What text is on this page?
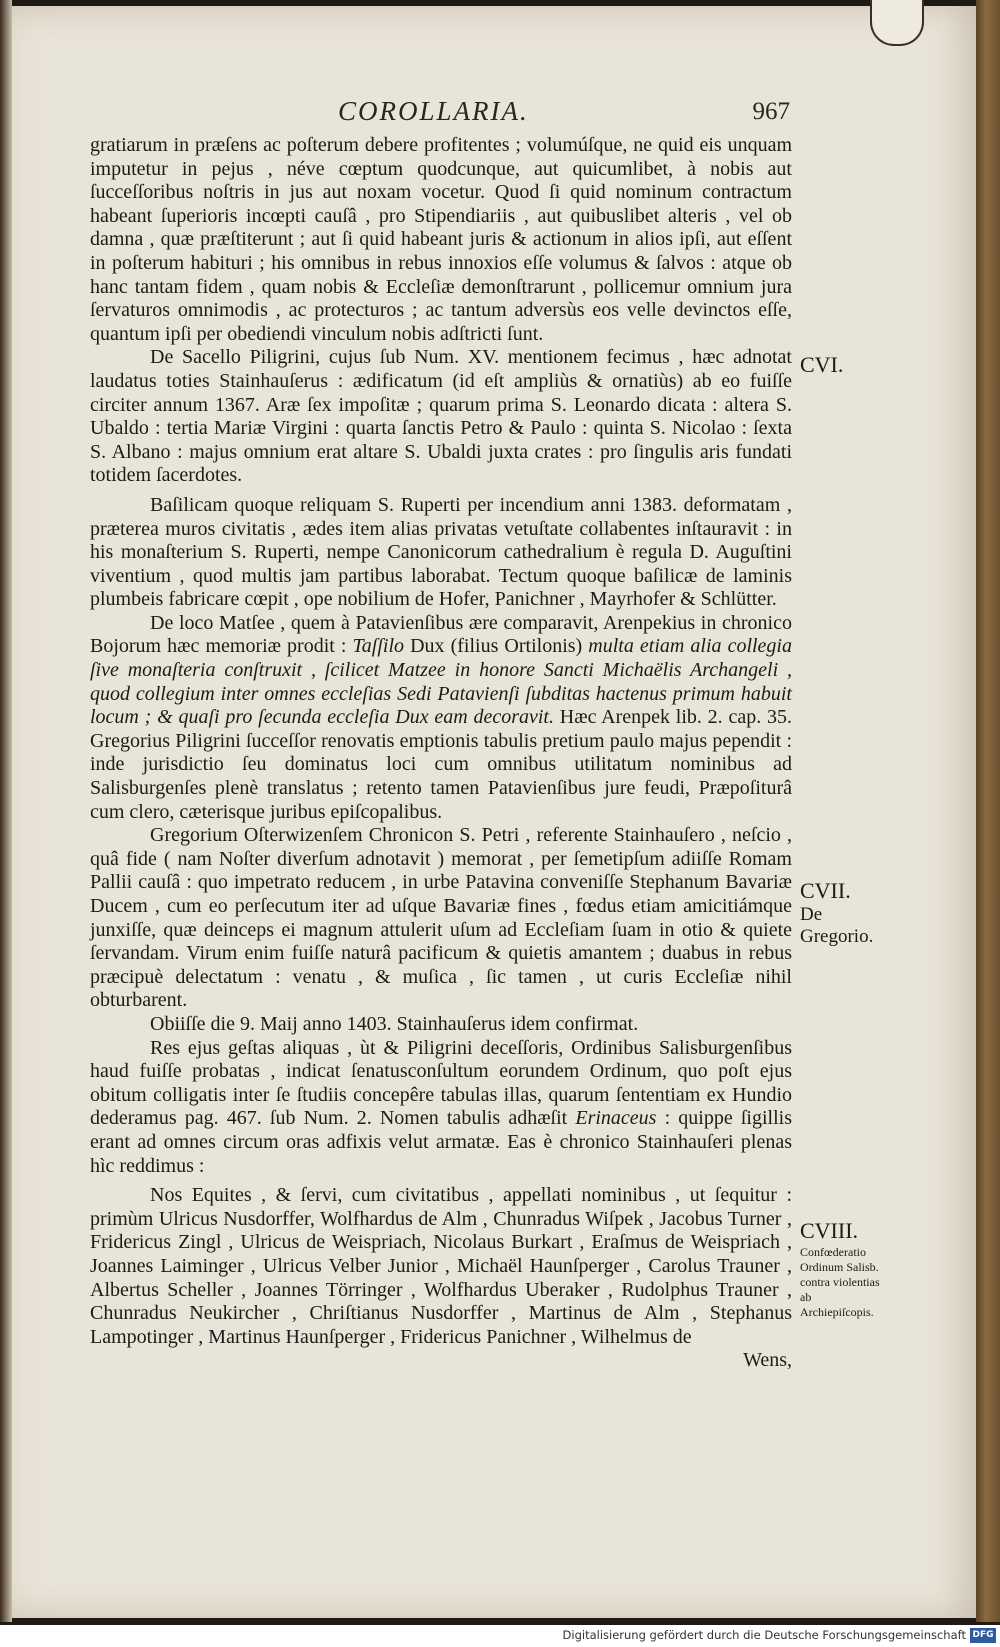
COROLLARIA.	967

gratiarum in præſens ac poſterum debere profitentes ; volumúſque, ne quid eis unquam imputetur in pejus , néve cœptum quodcunque, aut quicumlibet, à nobis aut ſucceſſoribus noſtris in jus aut noxam vocetur. Quod ſi quid nominum contractum habeant ſuperioris incœpti cauſâ , pro Stipendiariis , aut quibuslibet alteris , vel ob damna , quæ præſtiterunt ; aut ſi quid habeant juris & actionum in alios ipſi, aut eſſent in poſterum habituri ; his omnibus in rebus innoxios eſſe volumus & ſalvos : atque ob hanc tantam fidem , quam nobis & Eccleſiæ demonſtrarunt , pollicemur omnium jura ſervaturos omnimodis , ac protecturos ; ac tantum adversùs eos velle devinctos eſſe, quantum ipſi per obediendi vinculum nobis adſtricti ſunt.

De Sacello Piligrini, cujus ſub Num. XV. mentionem fecimus , hæc adnotat laudatus toties Stainhauſerus : ædificatum (id eſt ampliùs & ornatiùs) ab eo fuiſſe circiter annum 1367. Aræ ſex impoſitæ ; quarum prima S. Leonardo dicata : altera S. Ubaldo : tertia Mariæ Virgini : quarta ſanctis Petro & Paulo : quinta S. Nicolao : ſexta S. Albano : majus omnium erat altare S. Ubaldi juxta crates : pro ſingulis aris fundati totidem ſacerdotes.

Baſilicam quoque reliquam S. Ruperti per incendium anni 1383. deformatam , præterea muros civitatis , ædes item alias privatas vetuſtate collabentes inſtauravit : in his monaſterium S. Ruperti, nempe Canonicorum cathedralium è regula D. Auguſtini viventium , quod multis jam partibus laborabat. Tectum quoque baſilicæ de laminis plumbeis fabricare cœpit , ope nobilium de Hofer, Panichner , Mayrhofer & Schlütter.

De loco Matſee , quem à Patavienſibus ære comparavit, Arenpekius in chronico Bojorum hæc memoriæ prodit : Taſſilo Dux (filius Ortilonis) multa etiam alia collegia ſive monaſteria conſtruxit , ſcilicet Matzee in honore Sancti Michaëlis Archangeli , quod collegium inter omnes eccleſias Sedi Patavienſi ſubditas hactenus primum habuit locum ; & quaſi pro ſecunda eccleſia Dux eam decoravit. Hæc Arenpek lib. 2. cap. 35. Gregorius Piligrini ſucceſſor renovatis emptionis tabulis pretium paulo majus pependit : inde jurisdictio ſeu dominatus loci cum omnibus utilitatum nominibus ad Salisburgenſes plenè translatus ; retento tamen Patavienſibus jure feudi, Præpoſiturâ cum clero, cæterisque juribus epiſcopalibus.

Gregorium Oſterwizenſem Chronicon S. Petri , referente Stainhauſero , neſcio , quâ fide ( nam Noſter diverſum adnotavit ) memorat , per ſemetipſum adiiſſe Romam Pallii cauſâ : quo impetrato reducem , in urbe Patavina conveniſſe Stephanum Bavariæ Ducem , cum eo perſecutum iter ad uſque Bavariæ fines , fœdus etiam amicitiámque junxiſſe, quæ deinceps ei magnum attulerit uſum ad Eccleſiam ſuam in otio & quiete ſervandam. Virum enim fuiſſe naturâ pacificum & quietis amantem ; duabus in rebus præcipuè delectatum : venatu , & muſica , ſic tamen , ut curis Eccleſiæ nihil obturbarent.

Obiiſſe die 9. Maij anno 1403. Stainhauſerus idem confirmat.

Res ejus geſtas aliquas , ùt & Piligrini deceſſoris, Ordinibus Salisburgenſibus haud fuiſſe probatas , indicat ſenatusconſultum eorundem Ordinum, quo poſt ejus obitum colligatis inter ſe ſtudiis concepêre tabulas illas, quarum ſententiam ex Hundio dederamus pag. 467. ſub Num. 2. Nomen tabulis adhæſit Erinaceus : quippe ſigillis erant ad omnes circum oras adfixis velut armatæ. Eas è chronico Stainhauſeri plenas hìc reddimus :

Nos Equites , & ſervi, cum civitatibus , appellati nominibus , ut ſequitur : primùm Ulricus Nusdorffer, Wolfhardus de Alm , Chunradus Wiſpek , Jacobus Turner , Fridericus Zingl , Ulricus de Weispriach, Nicolaus Burkart , Eraſmus de Weispriach , Joannes Laiminger , Ulricus Velber Junior , Michaël Haunſperger , Carolus Trauner , Albertus Scheller , Joannes Törringer , Wolfhardus Uberaker , Rudolphus Trauner , Chunradus Neukircher , Chriſtianus Nusdorffer , Martinus de Alm , Stephanus Lampotinger , Martinus Haunſperger , Fridericus Panichner , Wilhelmus de

Wens,

CVI.
CVII.
De Gregorio.
CVIII.
Confœderatio Ordinum Salisb. contra violentias ab Archiepiſcopis.
Digitalisierung gefördert durch die Deutsche Forschungsgemeinschaft DFG
